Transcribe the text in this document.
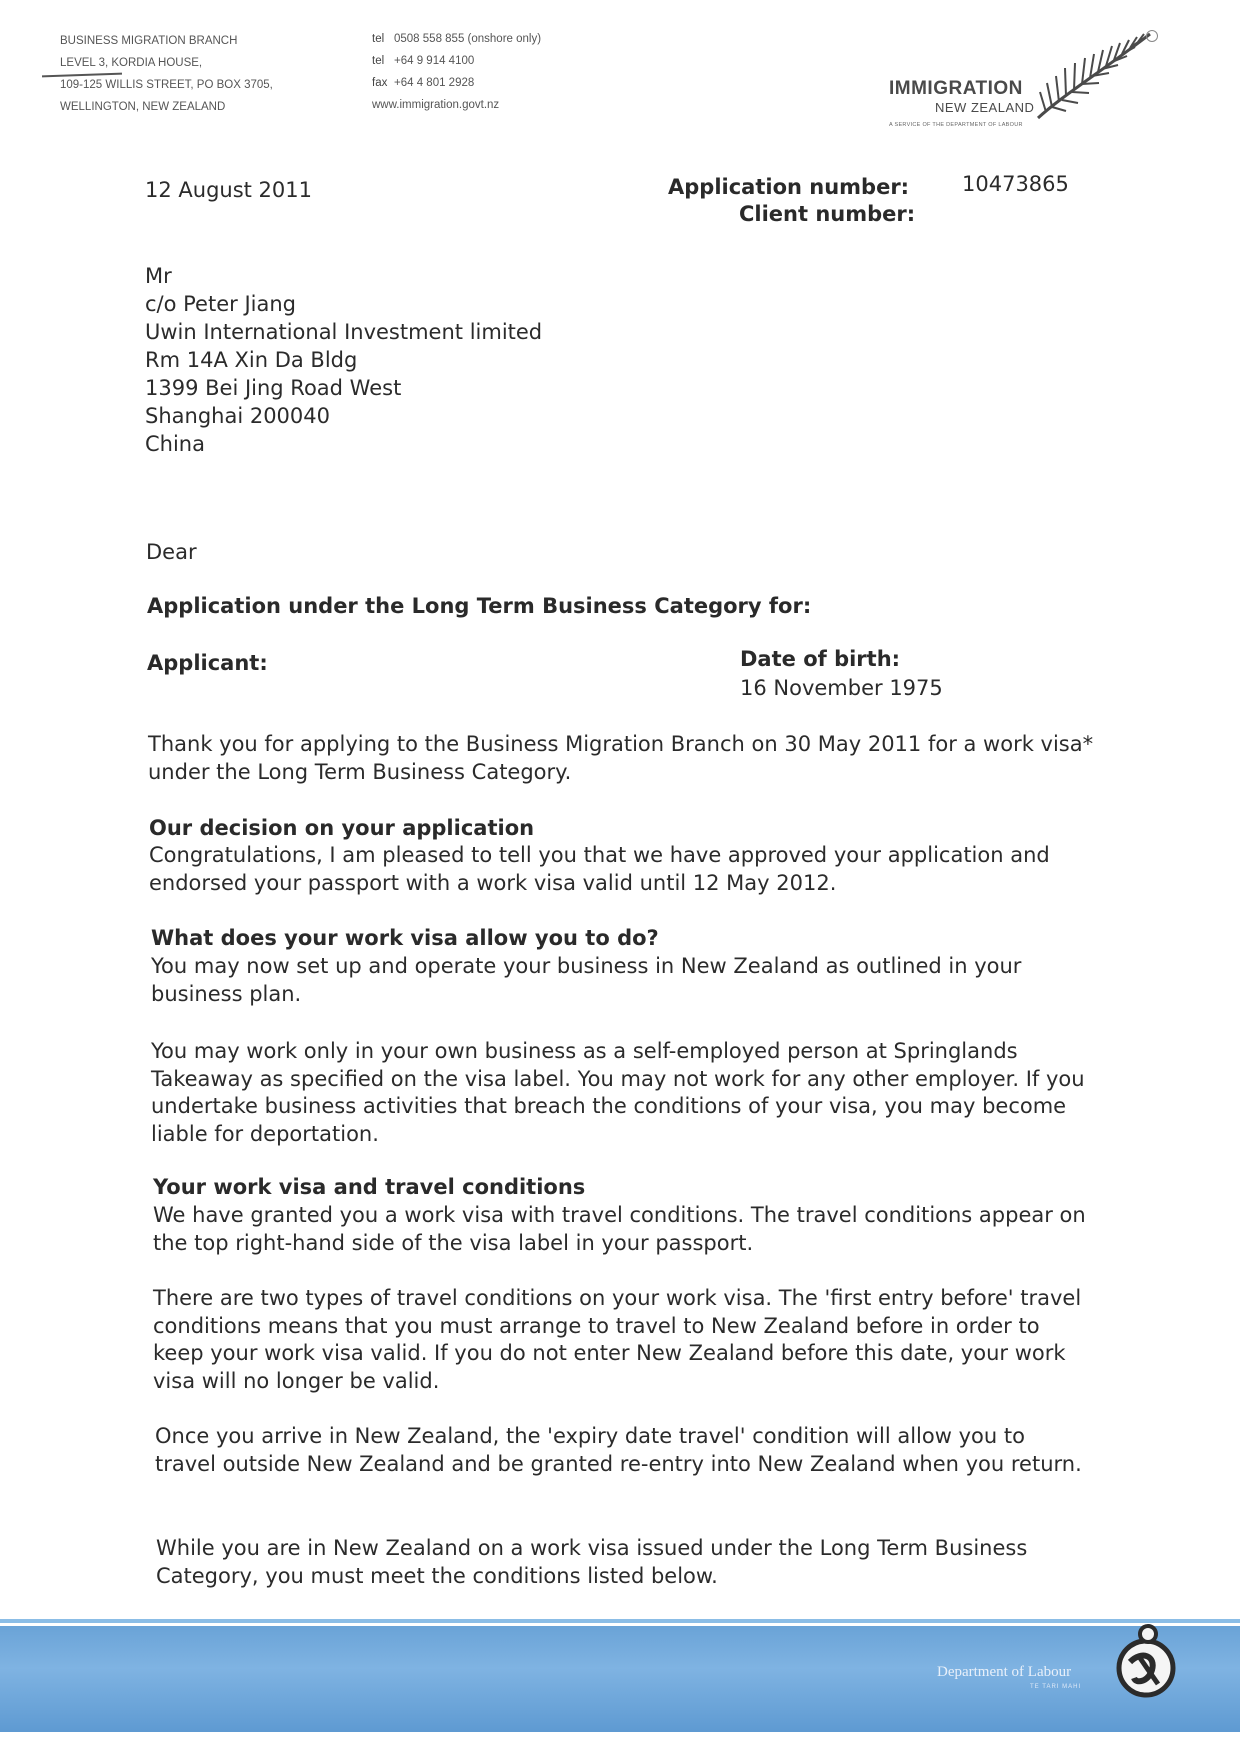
BUSINESS MIGRATION BRANCH
LEVEL 3, KORDIA HOUSE,
109-125 WILLIS STREET, PO BOX 3705,
WELLINGTON, NEW ZEALAND
tel 0508 558 855 (onshore only)
tel +64 9 914 4100
fax +64 4 801 2928
www.immigration.govt.nz
IMMIGRATION
NEW ZEALAND
A SERVICE OF THE DEPARTMENT OF LABOUR
12 August 2011	Application number:	10473865
Client number:
Mr
c/o Peter Jiang
Uwin International Investment limited
Rm 14A Xin Da Bldg
1399 Bei Jing Road West
Shanghai 200040
China
Dear
Application under the Long Term Business Category for:
Applicant:	Date of birth:
16 November 1975
Thank you for applying to the Business Migration Branch on 30 May 2011 for a work visa* under the Long Term Business Category.
Our decision on your application
Congratulations, I am pleased to tell you that we have approved your application and endorsed your passport with a work visa valid until 12 May 2012.
What does your work visa allow you to do?
You may now set up and operate your business in New Zealand as outlined in your business plan.
You may work only in your own business as a self-employed person at Springlands Takeaway as specified on the visa label. You may not work for any other employer. If you undertake business activities that breach the conditions of your visa, you may become liable for deportation.
Your work visa and travel conditions
We have granted you a work visa with travel conditions. The travel conditions appear on the top right-hand side of the visa label in your passport.
There are two types of travel conditions on your work visa. The 'first entry before' travel conditions means that you must arrange to travel to New Zealand before in order to keep your work visa valid. If you do not enter New Zealand before this date, your work visa will no longer be valid.
Once you arrive in New Zealand, the 'expiry date travel' condition will allow you to travel outside New Zealand and be granted re-entry into New Zealand when you return.
While you are in New Zealand on a work visa issued under the Long Term Business Category, you must meet the conditions listed below.
Department of Labour
TE TARI MAHI
